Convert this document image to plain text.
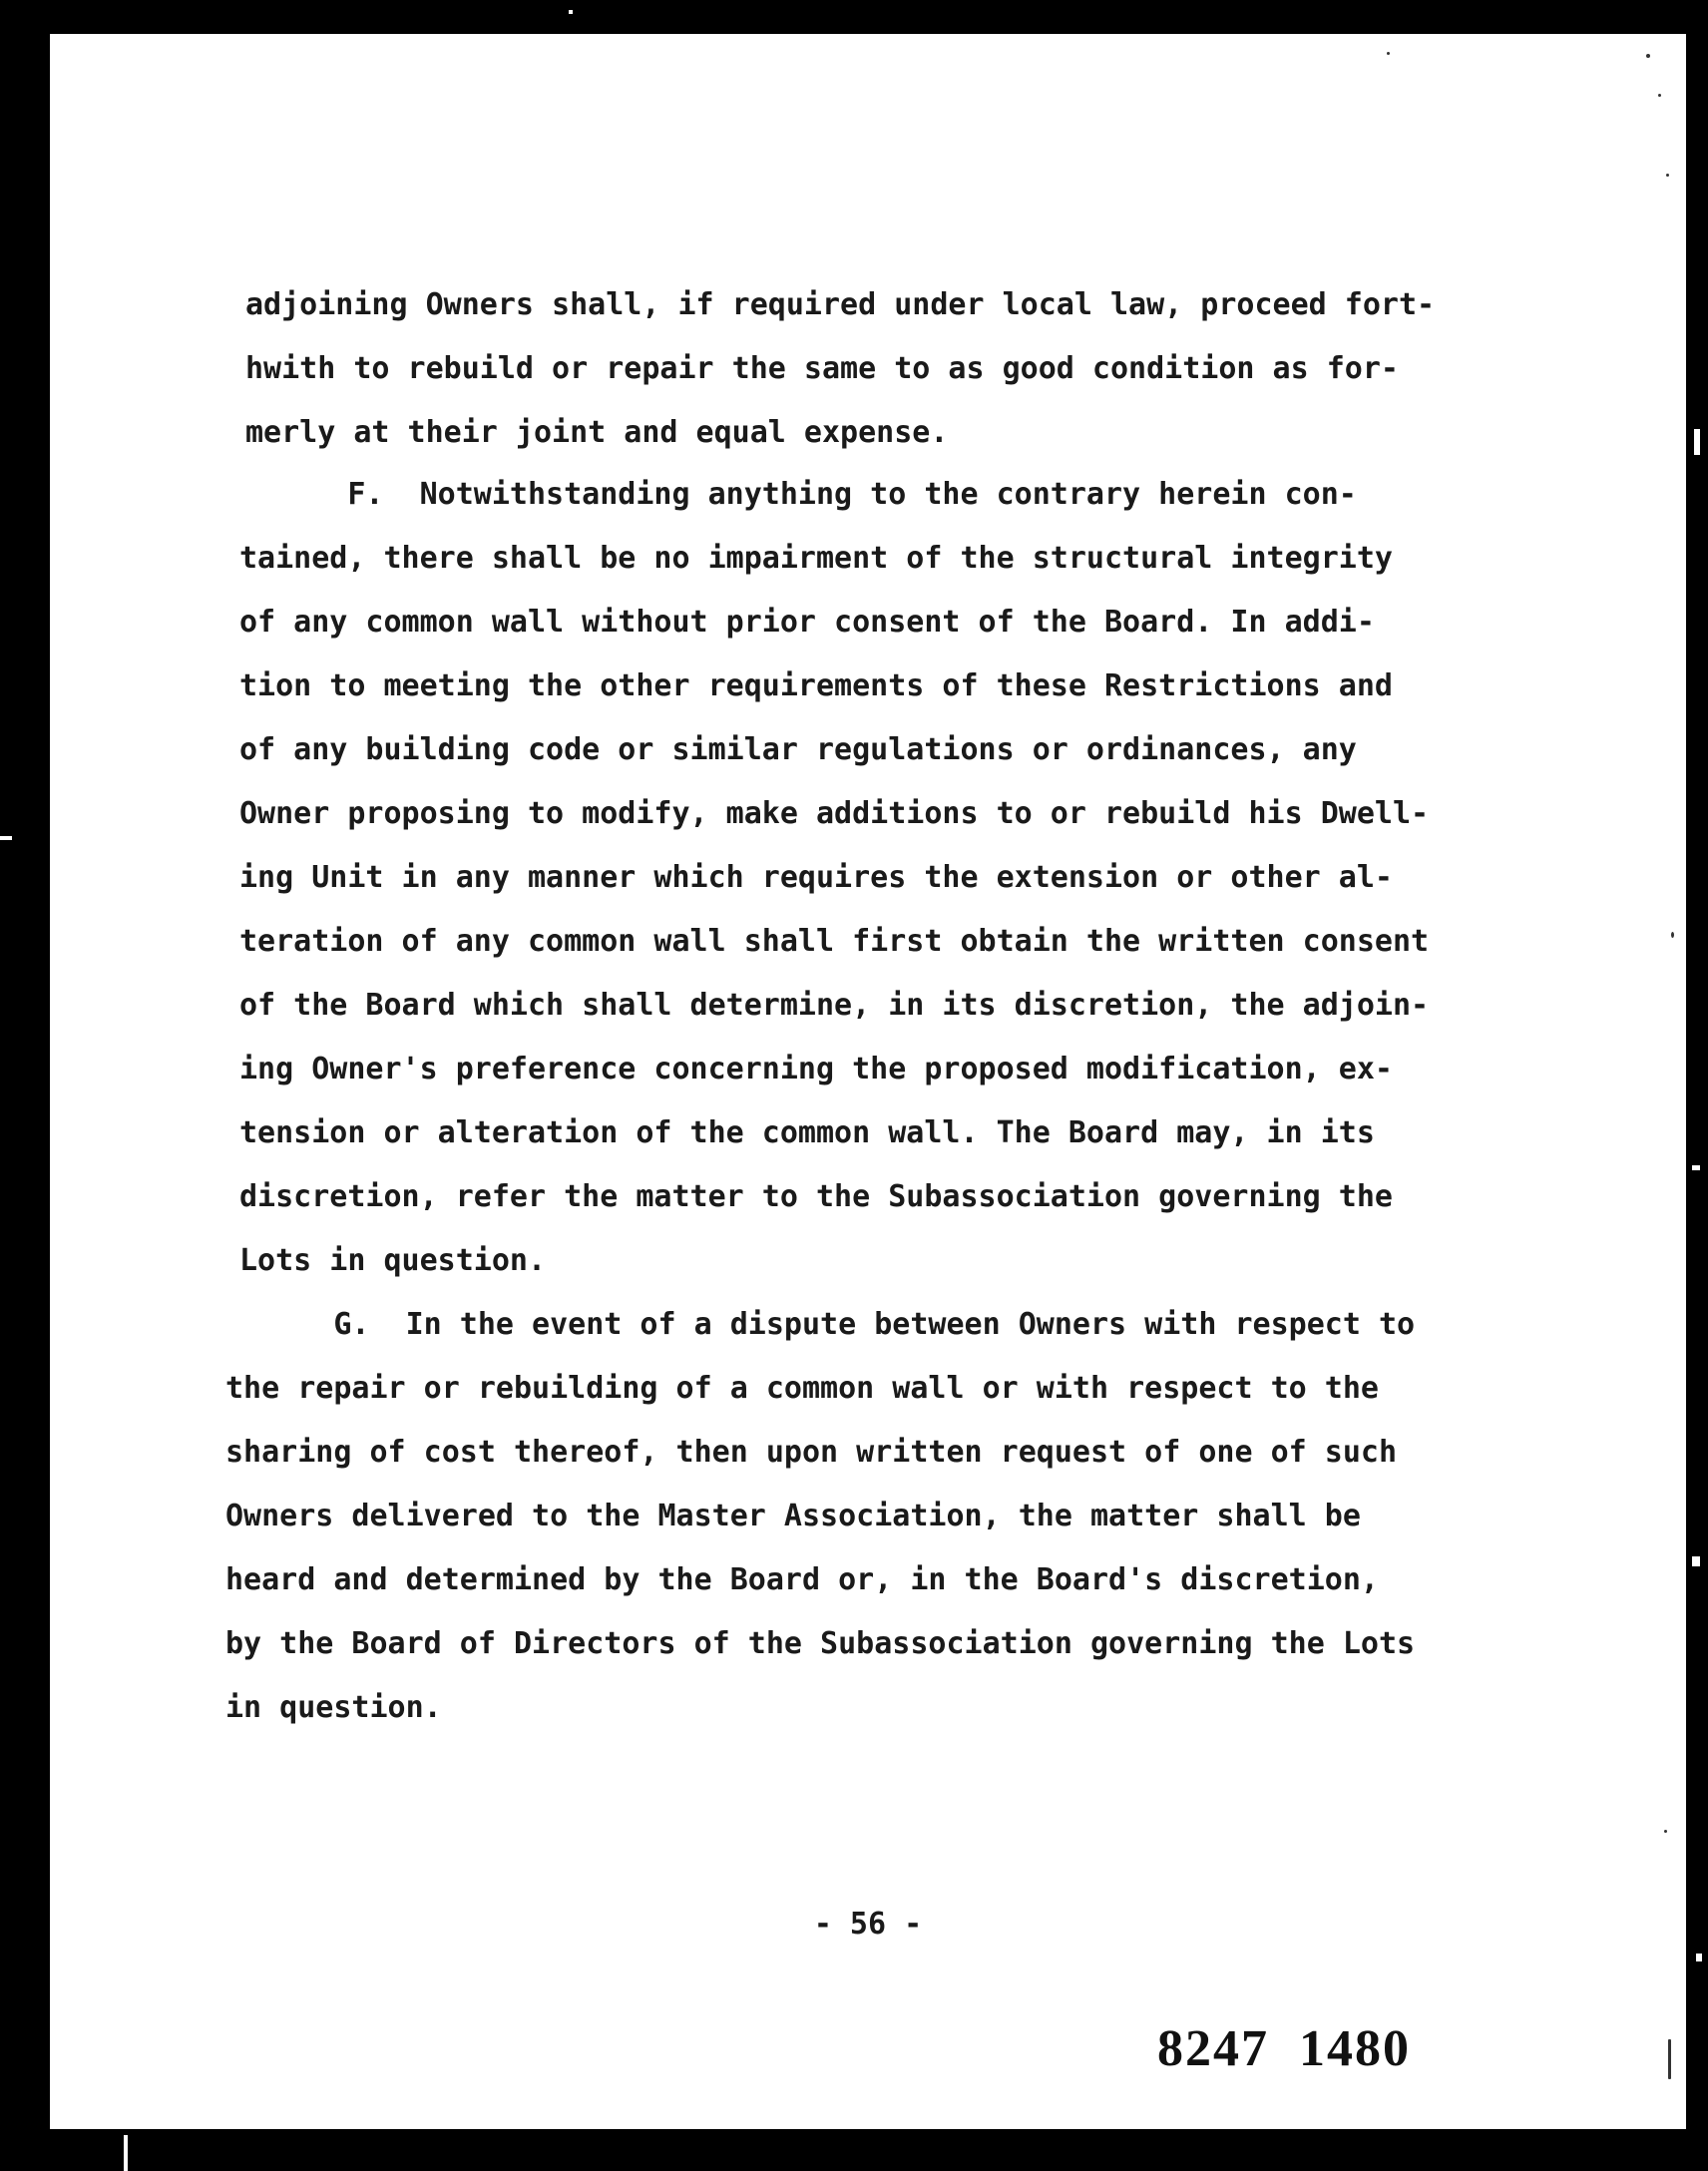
adjoining Owners shall, if required under local law, proceed fort-
hwith to rebuild or repair the same to as good condition as for-
merly at their joint and equal expense.
F.  Notwithstanding anything to the contrary herein con-
tained, there shall be no impairment of the structural integrity
of any common wall without prior consent of the Board. In addi-
tion to meeting the other requirements of these Restrictions and
of any building code or similar regulations or ordinances, any
Owner proposing to modify, make additions to or rebuild his Dwell-
ing Unit in any manner which requires the extension or other al-
teration of any common wall shall first obtain the written consent
of the Board which shall determine, in its discretion, the adjoin-
ing Owner's preference concerning the proposed modification, ex-
tension or alteration of the common wall. The Board may, in its
discretion, refer the matter to the Subassociation governing the
Lots in question.
G.  In the event of a dispute between Owners with respect to
the repair or rebuilding of a common wall or with respect to the
sharing of cost thereof, then upon written request of one of such
Owners delivered to the Master Association, the matter shall be
heard and determined by the Board or, in the Board's discretion,
by the Board of Directors of the Subassociation governing the Lots
in question.
- 56 -
8247  1480
